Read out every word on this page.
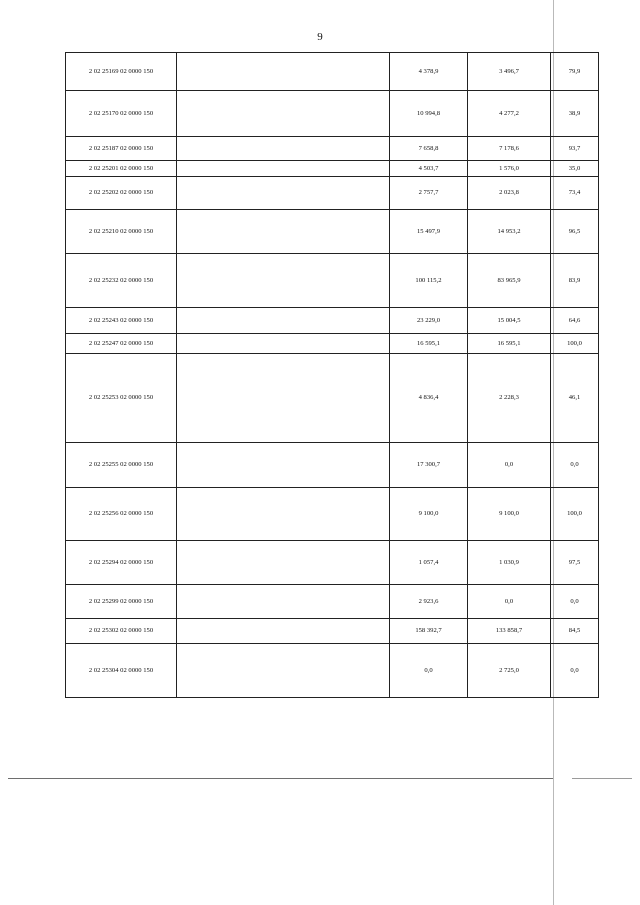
9
2 02 25169 02 0000 150		4 378,9	3 496,7	79,9
2 02 25170 02 0000 150		10 994,8	4 277,2	38,9
2 02 25187 02 0000 150		7 658,8	7 178,6	93,7
2 02 25201 02 0000 150		4 503,7	1 576,0	35,0
2 02 25202 02 0000 150		2 757,7	2 023,8	73,4
2 02 25210 02 0000 150		15 497,9	14 953,2	96,5
2 02 25232 02 0000 150		100 115,2	83 965,9	83,9
2 02 25243 02 0000 150		23 229,0	15 004,5	64,6
2 02 25247 02 0000 150		16 595,1	16 595,1	100,0
2 02 25253 02 0000 150		4 836,4	2 228,3	46,1
2 02 25255 02 0000 150		17 300,7	0,0	0,0
2 02 25256 02 0000 150		9 100,0	9 100,0	100,0
2 02 25294 02 0000 150		1 057,4	1 030,9	97,5
2 02 25299 02 0000 150		2 923,6	0,0	0,0
2 02 25302 02 0000 150		158 392,7	133 858,7	84,5
2 02 25304 02 0000 150		0,0	2 725,0	0,0
